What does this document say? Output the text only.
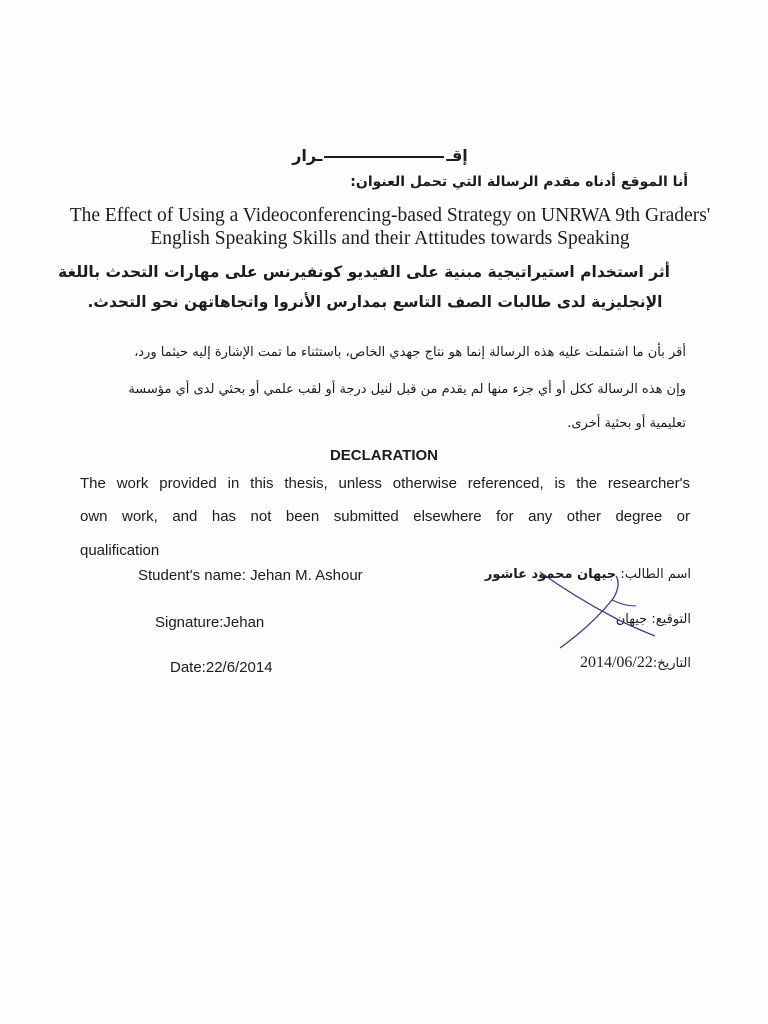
إقــرار
أنا الموقع أدناه مقدم الرسالة التي تحمل العنوان:
The Effect of Using a Videoconferencing-based Strategy on UNRWA 9th Graders' English Speaking Skills and their Attitudes towards Speaking
أثر استخدام استيراتيجية مبنية على الفيديو كونفيرنس على مهارات التحدث باللغة
الإنجليزية لدى طالبات الصف التاسع بمدارس الأنروا واتجاهاتهن نحو التحدث.
أقر بأن ما اشتملت عليه هذه الرسالة إنما هو نتاج جهدي الخاص، باستثناء ما تمت الإشارة إليه حيثما ورد،
وإن هذه الرسالة ككل أو أي جزء منها لم يقدم من قبل لنيل درجة أو لقب علمي أو بحثي لدى أي مؤسسة
تعليمية أو بحثية أخرى.
DECLARATION
The work provided in this thesis, unless otherwise referenced, is the researcher's
own work, and has not been submitted elsewhere for any other degree or
qualification
Student's name: Jehan M. Ashour
Signature:Jehan
Date:22/6/2014
اسم الطالب: جيهان محمود عاشور
التوقيع: جيهان
التاريخ:2014/06/22
